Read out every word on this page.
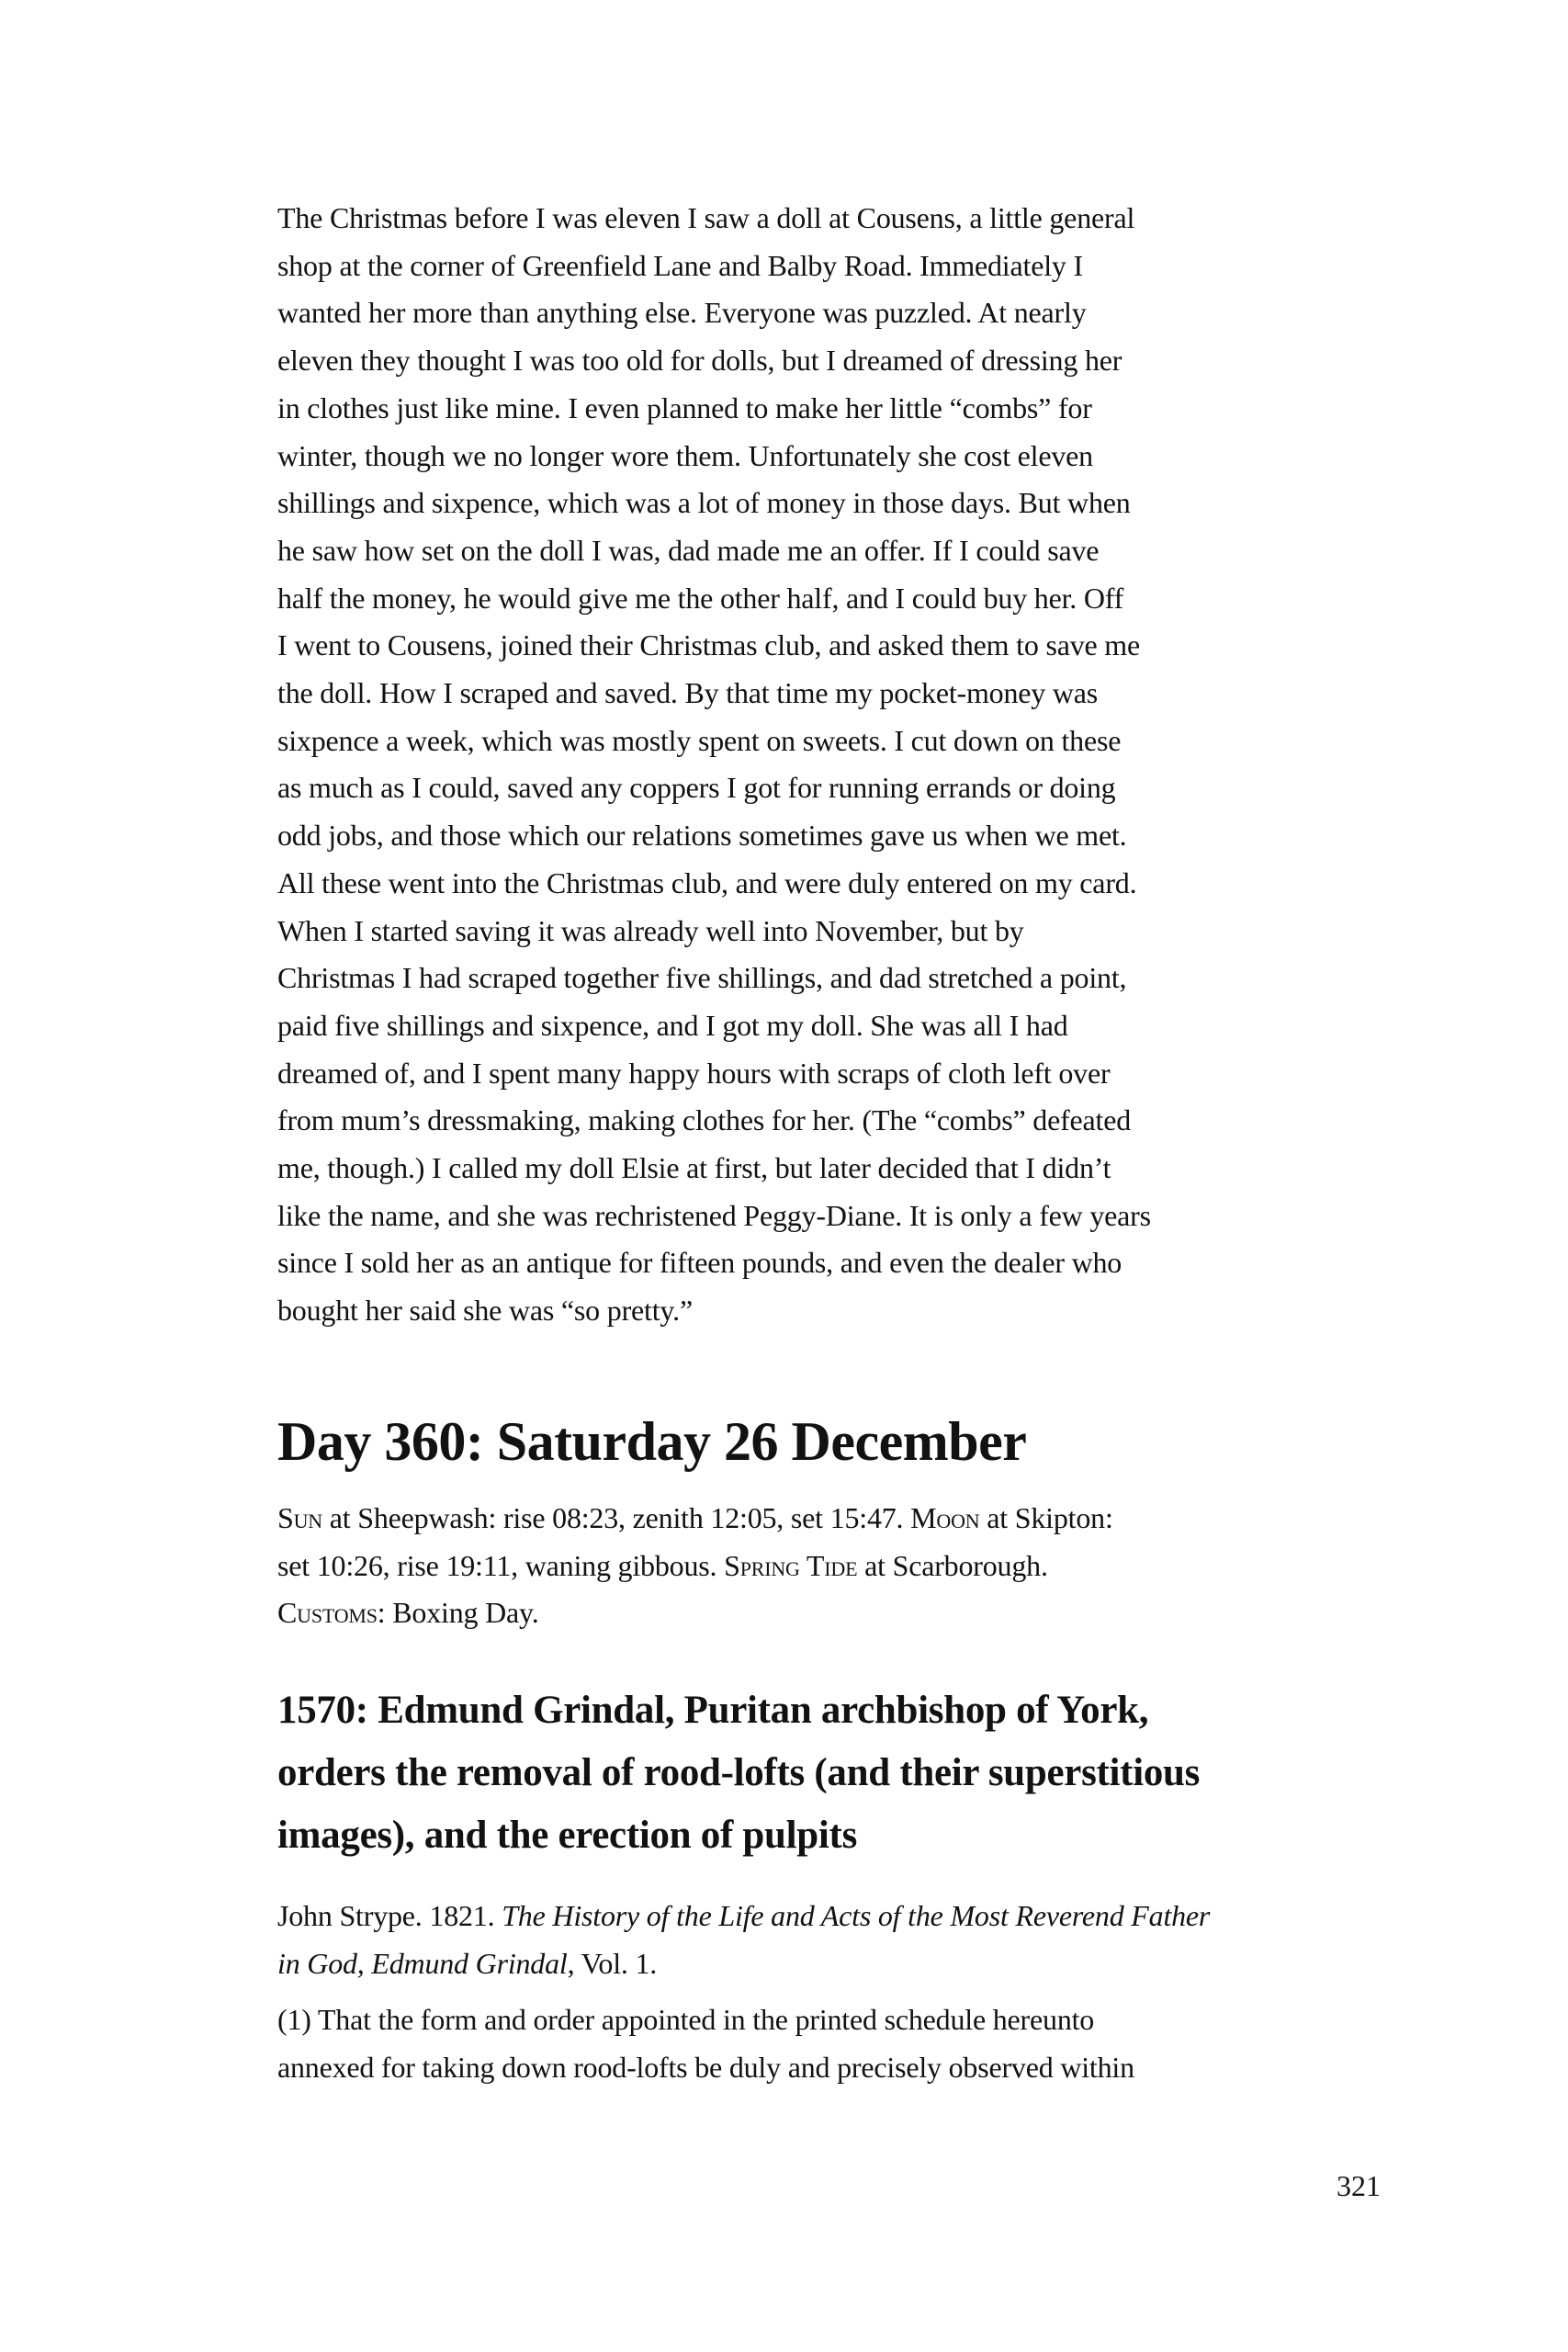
The Christmas before I was eleven I saw a doll at Cousens, a little general
shop at the corner of Greenfield Lane and Balby Road. Immediately I
wanted her more than anything else. Everyone was puzzled. At nearly
eleven they thought I was too old for dolls, but I dreamed of dressing her
in clothes just like mine. I even planned to make her little “combs” for
winter, though we no longer wore them. Unfortunately she cost eleven
shillings and sixpence, which was a lot of money in those days. But when
he saw how set on the doll I was, dad made me an offer. If I could save
half the money, he would give me the other half, and I could buy her. Off
I went to Cousens, joined their Christmas club, and asked them to save me
the doll. How I scraped and saved. By that time my pocket-money was
sixpence a week, which was mostly spent on sweets. I cut down on these
as much as I could, saved any coppers I got for running errands or doing
odd jobs, and those which our relations sometimes gave us when we met.
All these went into the Christmas club, and were duly entered on my card.
When I started saving it was already well into November, but by
Christmas I had scraped together five shillings, and dad stretched a point,
paid five shillings and sixpence, and I got my doll. She was all I had
dreamed of, and I spent many happy hours with scraps of cloth left over
from mum’s dressmaking, making clothes for her. (The “combs” defeated
me, though.) I called my doll Elsie at first, but later decided that I didn’t
like the name, and she was rechristened Peggy-Diane. It is only a few years
since I sold her as an antique for fifteen pounds, and even the dealer who
bought her said she was “so pretty.”
Day 360: Saturday 26 December
Sun at Sheepwash: rise 08:23, zenith 12:05, set 15:47. Moon at Skipton:
set 10:26, rise 19:11, waning gibbous. Spring Tide at Scarborough.
Customs: Boxing Day.
1570: Edmund Grindal, Puritan archbishop of York,
orders the removal of rood-lofts (and their superstitious
images), and the erection of pulpits
John Strype. 1821. The History of the Life and Acts of the Most Reverend Father
in God, Edmund Grindal, Vol. 1.
(1) That the form and order appointed in the printed schedule hereunto
annexed for taking down rood-lofts be duly and precisely observed within
321
